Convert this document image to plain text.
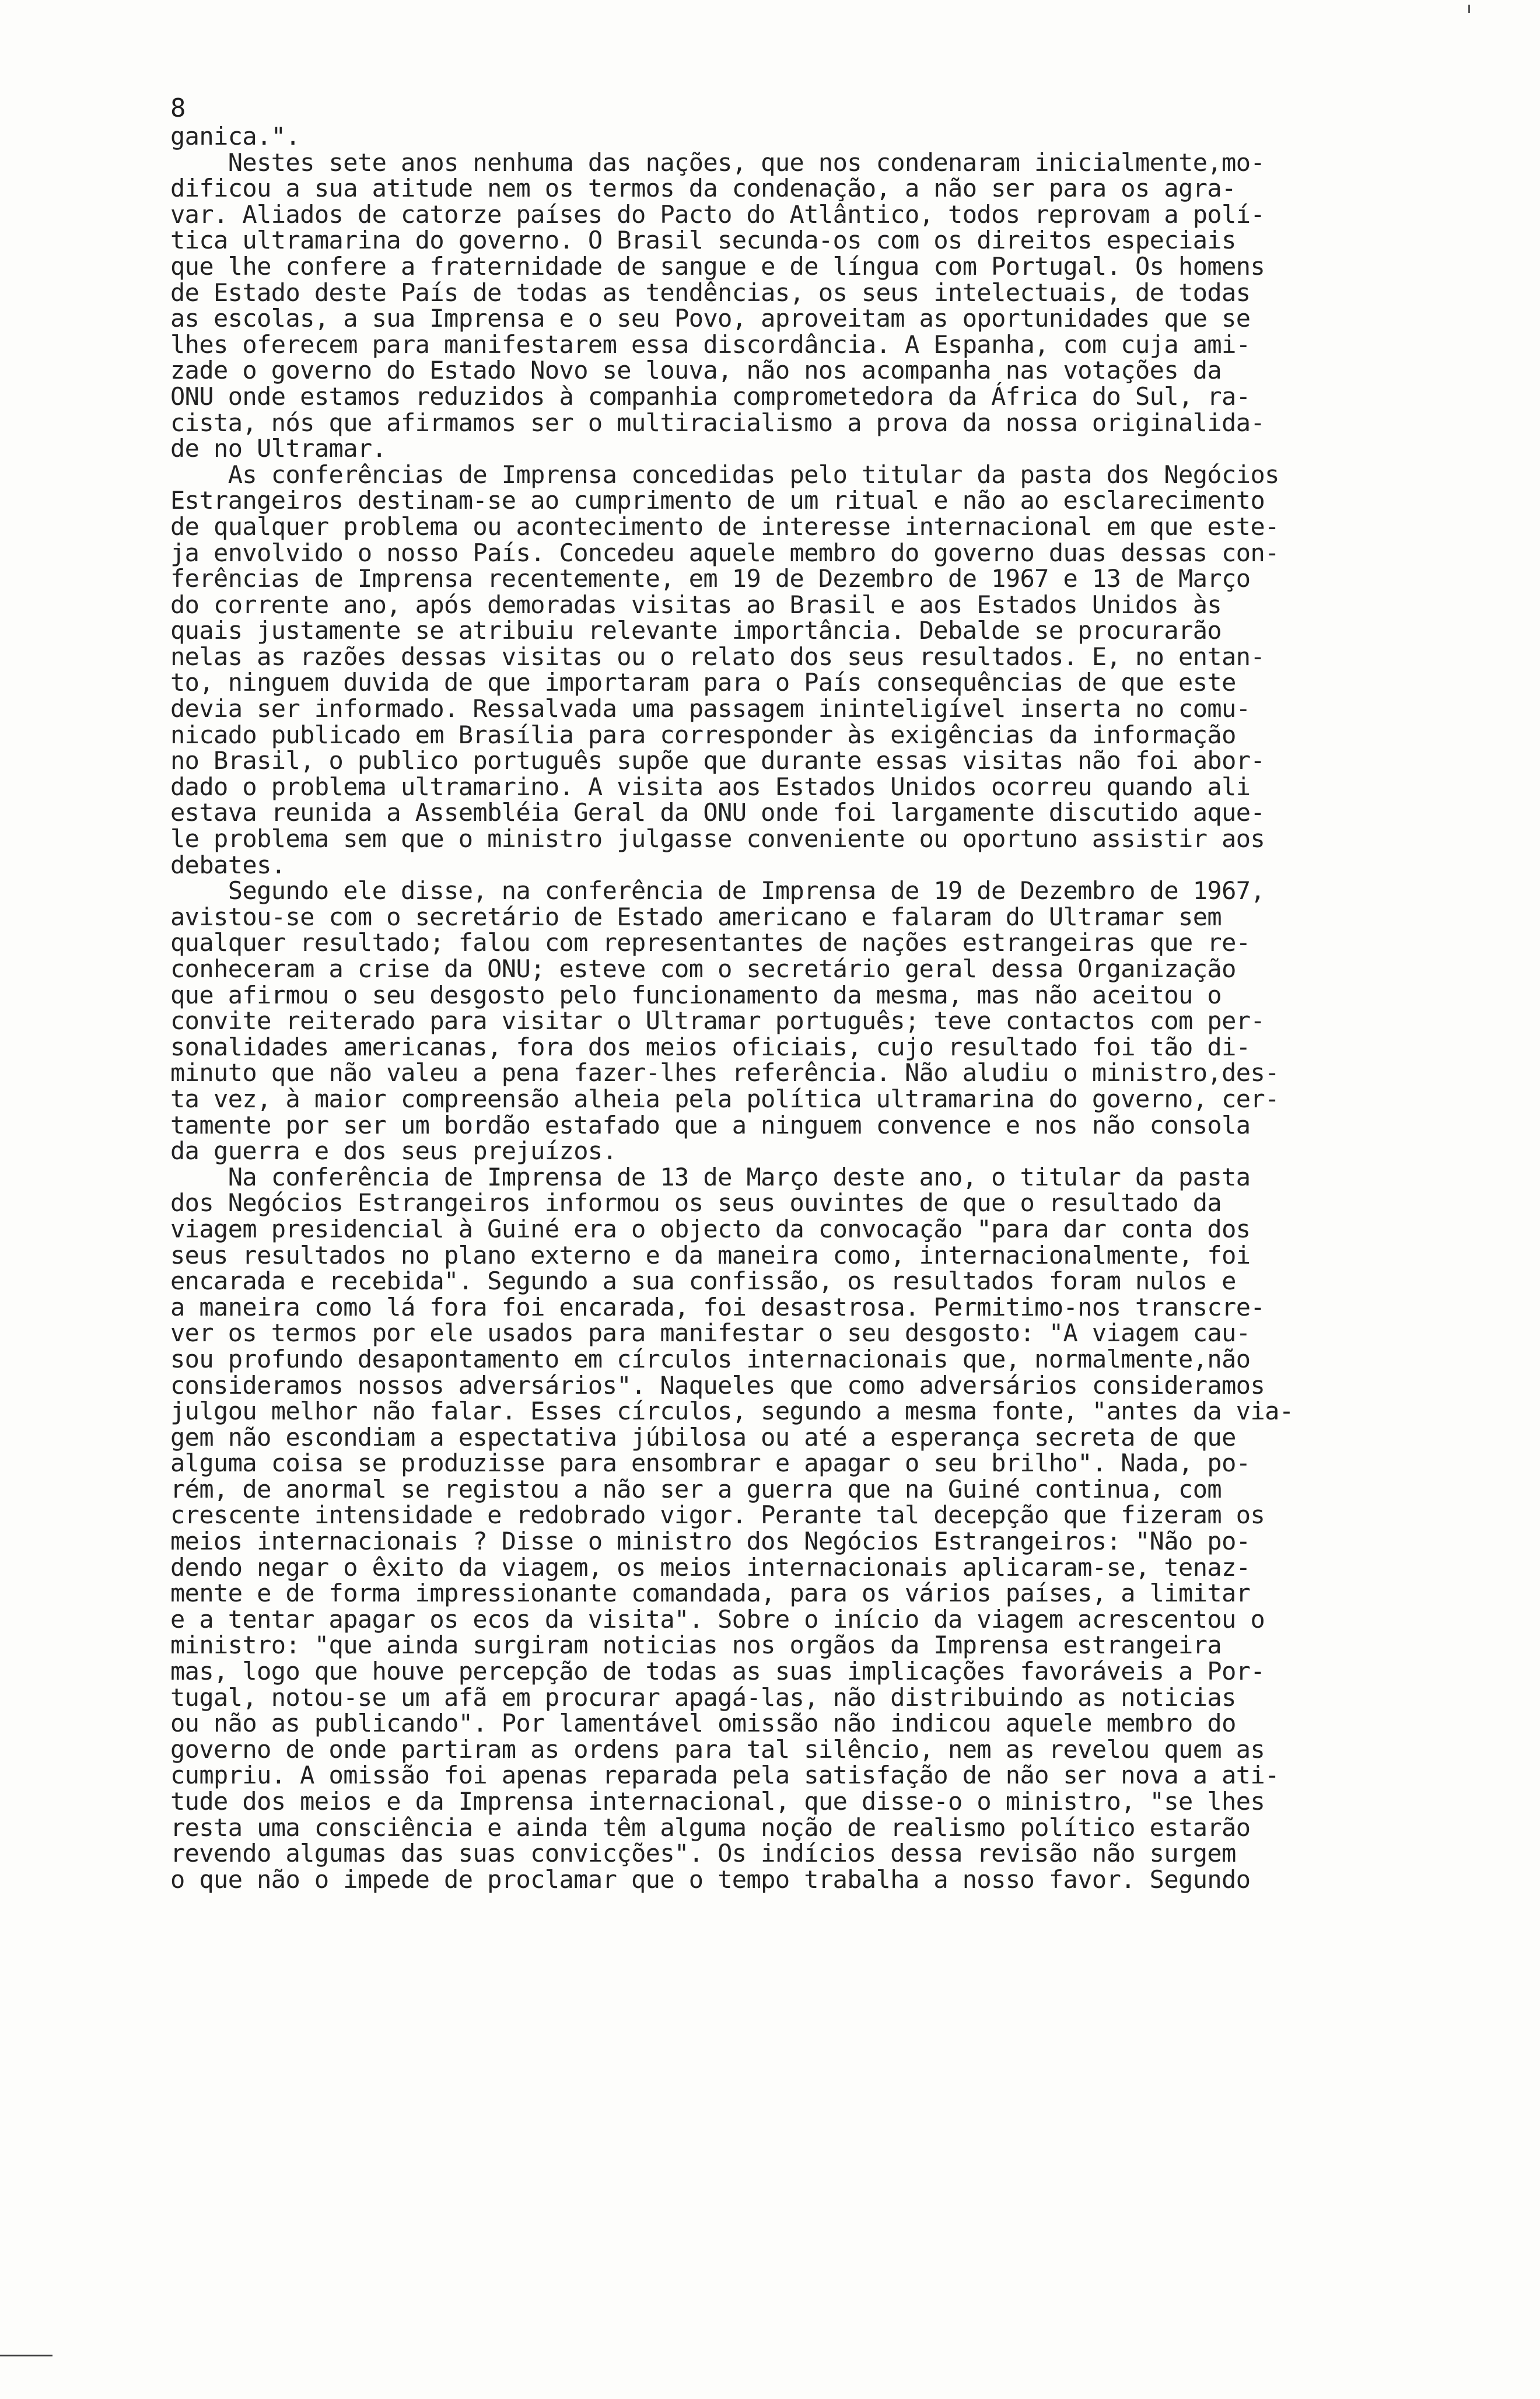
8
ganica.".
Nestes sete anos nenhuma das nações, que nos condenaram inicialmente,mo-
dificou a sua atitude nem os termos da condenação, a não ser para os agra-
var. Aliados de catorze países do Pacto do Atlântico, todos reprovam a polí-
tica ultramarina do governo. O Brasil secunda-os com os direitos especiais
que lhe confere a fraternidade de sangue e de língua com Portugal. Os homens
de Estado deste País de todas as tendências, os seus intelectuais, de todas
as escolas, a sua Imprensa e o seu Povo, aproveitam as oportunidades que se
lhes oferecem para manifestarem essa discordância. A Espanha, com cuja ami-
zade o governo do Estado Novo se louva, não nos acompanha nas votações da
ONU onde estamos reduzidos à companhia comprometedora da África do Sul, ra-
cista, nós que afirmamos ser o multiracialismo a prova da nossa originalida-
de no Ultramar.
As conferências de Imprensa concedidas pelo titular da pasta dos Negócios
Estrangeiros destinam-se ao cumprimento de um ritual e não ao esclarecimento
de qualquer problema ou acontecimento de interesse internacional em que este-
ja envolvido o nosso País. Concedeu aquele membro do governo duas dessas con-
ferências de Imprensa recentemente, em 19 de Dezembro de 1967 e 13 de Março
do corrente ano, após demoradas visitas ao Brasil e aos Estados Unidos às
quais justamente se atribuiu relevante importância. Debalde se procurarão
nelas as razões dessas visitas ou o relato dos seus resultados. E, no entan-
to, ninguem duvida de que importaram para o País consequências de que este
devia ser informado. Ressalvada uma passagem ininteligível inserta no comu-
nicado publicado em Brasília para corresponder às exigências da informação
no Brasil, o publico português supõe que durante essas visitas não foi abor-
dado o problema ultramarino. A visita aos Estados Unidos ocorreu quando ali
estava reunida a Assembléia Geral da ONU onde foi largamente discutido aque-
le problema sem que o ministro julgasse conveniente ou oportuno assistir aos
debates.
Segundo ele disse, na conferência de Imprensa de 19 de Dezembro de 1967,
avistou-se com o secretário de Estado americano e falaram do Ultramar sem
qualquer resultado; falou com representantes de nações estrangeiras que re-
conheceram a crise da ONU; esteve com o secretário geral dessa Organização
que afirmou o seu desgosto pelo funcionamento da mesma, mas não aceitou o
convite reiterado para visitar o Ultramar português; teve contactos com per-
sonalidades americanas, fora dos meios oficiais, cujo resultado foi tão di-
minuto que não valeu a pena fazer-lhes referência. Não aludiu o ministro,des-
ta vez, à maior compreensão alheia pela política ultramarina do governo, cer-
tamente por ser um bordão estafado que a ninguem convence e nos não consola
da guerra e dos seus prejuízos.
Na conferência de Imprensa de 13 de Março deste ano, o titular da pasta
dos Negócios Estrangeiros informou os seus ouvintes de que o resultado da
viagem presidencial à Guiné era o objecto da convocação "para dar conta dos
seus resultados no plano externo e da maneira como, internacionalmente, foi
encarada e recebida". Segundo a sua confissão, os resultados foram nulos e
a maneira como lá fora foi encarada, foi desastrosa. Permitimo-nos transcre-
ver os termos por ele usados para manifestar o seu desgosto: "A viagem cau-
sou profundo desapontamento em círculos internacionais que, normalmente,não
consideramos nossos adversários". Naqueles que como adversários consideramos
julgou melhor não falar. Esses círculos, segundo a mesma fonte, "antes da via-
gem não escondiam a espectativa júbilosa ou até a esperança secreta de que
alguma coisa se produzisse para ensombrar e apagar o seu brilho". Nada, po-
rém, de anormal se registou a não ser a guerra que na Guiné continua, com
crescente intensidade e redobrado vigor. Perante tal decepção que fizeram os
meios internacionais ? Disse o ministro dos Negócios Estrangeiros: "Não po-
dendo negar o êxito da viagem, os meios internacionais aplicaram-se, tenaz-
mente e de forma impressionante comandada, para os vários países, a limitar
e a tentar apagar os ecos da visita". Sobre o início da viagem acrescentou o
ministro: "que ainda surgiram noticias nos orgãos da Imprensa estrangeira
mas, logo que houve percepção de todas as suas implicações favoráveis a Por-
tugal, notou-se um afã em procurar apagá-las, não distribuindo as noticias
ou não as publicando". Por lamentável omissão não indicou aquele membro do
governo de onde partiram as ordens para tal silêncio, nem as revelou quem as
cumpriu. A omissão foi apenas reparada pela satisfação de não ser nova a ati-
tude dos meios e da Imprensa internacional, que disse-o o ministro, "se lhes
resta uma consciência e ainda têm alguma noção de realismo político estarão
revendo algumas das suas convicções". Os indícios dessa revisão não surgem
o que não o impede de proclamar que o tempo trabalha a nosso favor. Segundo
